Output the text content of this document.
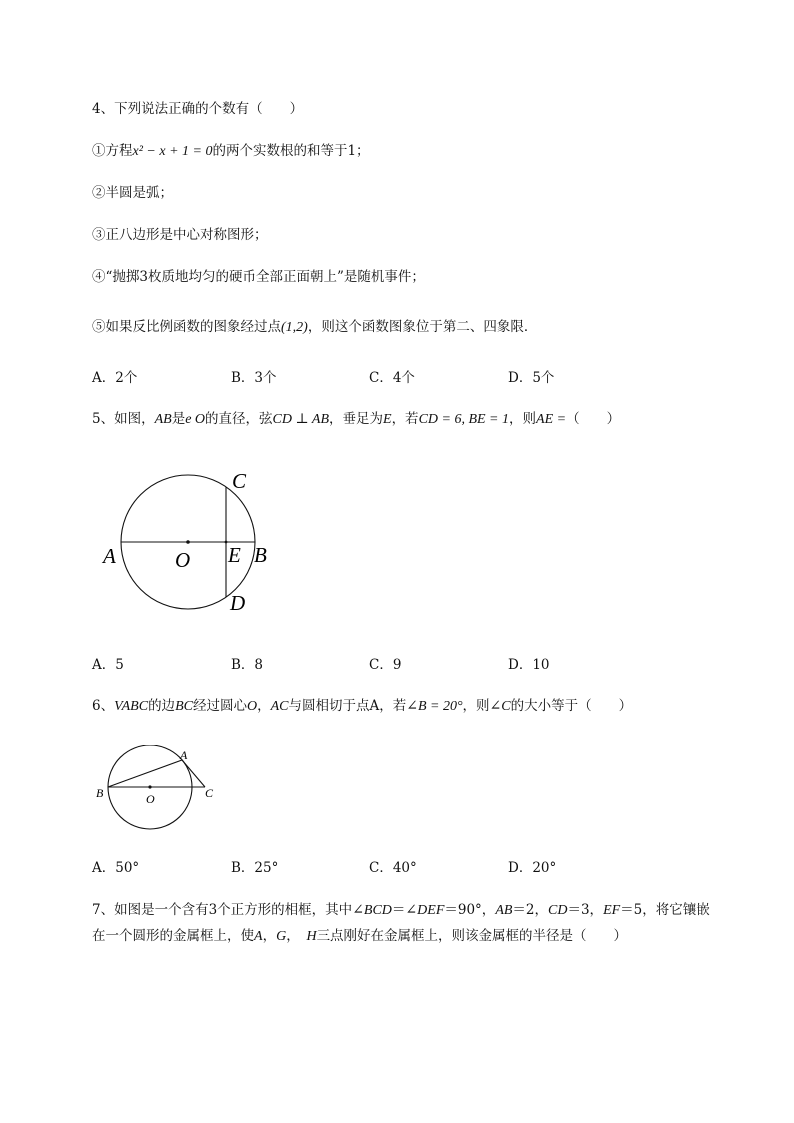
4、下列说法正确的个数有（　　）
①方程x² − x + 1 = 0的两个实数根的和等于1；
②半圆是弧；
③正八边形是中心对称图形；
④“抛掷3枚质地均匀的硬币全部正面朝上”是随机事件；
⑤如果反比例函数的图象经过点(1,2)，则这个函数图象位于第二、四象限．
A．2个	B．3个	C．4个	D．5个
5、如图，AB是e O的直径，弦CD ⊥ AB，垂足为E，若CD = 6, BE = 1，则AE =（　　）
A	O E B
C
D
A．5	B．8	C．9	D．10
6、VABC的边BC经过圆心O，AC与圆相切于点A，若∠B = 20°，则∠C的大小等于（　　）
A
B	O	C
A．50°	B．25°	C．40°	D．20°
7、如图是一个含有3个正方形的相框，其中∠BCD＝∠DEF＝90°，AB＝2，CD＝3，EF＝5，将它镶嵌
在一个圆形的金属框上，使A，G，　H三点刚好在金属框上，则该金属框的半径是（　　）
